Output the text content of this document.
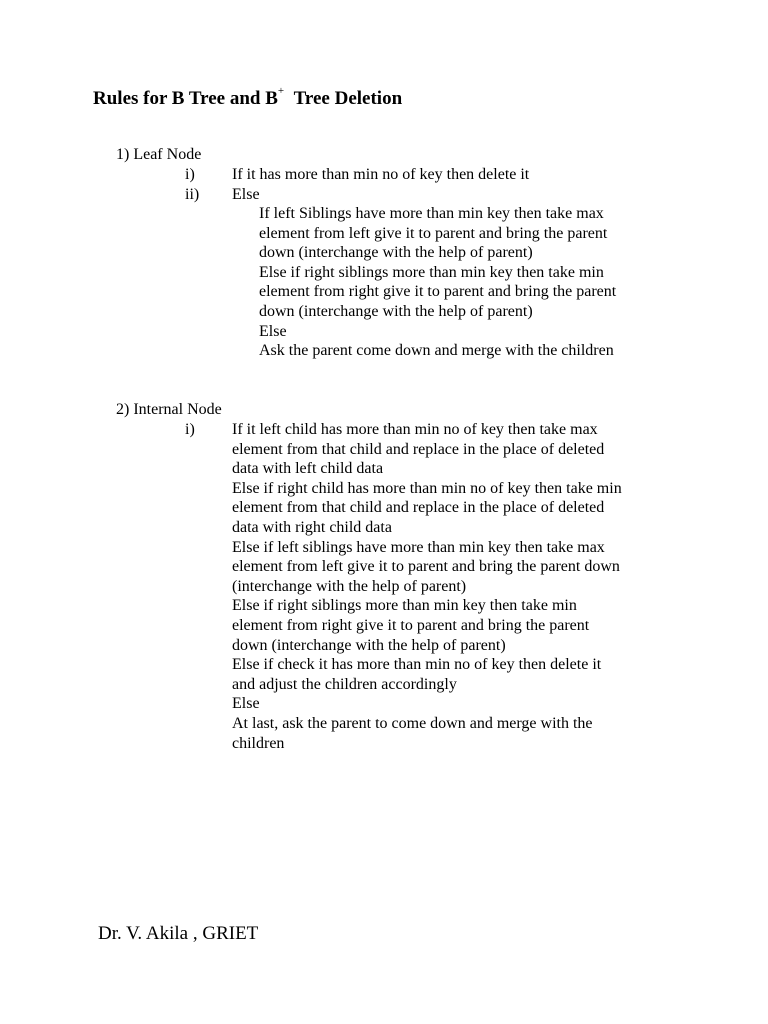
Rules for B Tree and B+ Tree Deletion
1) Leaf Node
i) If it has more than min no of key then delete it
ii) Else
If left Siblings have more than min key then take max
element from left give it to parent and bring the parent
down (interchange with the help of parent)
Else if right siblings more than min key then take min
element from right give it to parent and bring the parent
down (interchange with the help of parent)
Else
Ask the parent come down and merge with the children
2) Internal Node
i) If it left child has more than min no of key then take max
element from that child and replace in the place of deleted
data with left child data
Else if right child has more than min no of key then take min
element from that child and replace in the place of deleted
data with right child data
Else if left siblings have more than min key then take max
element from left give it to parent and bring the parent down
(interchange with the help of parent)
Else if right siblings more than min key then take min
element from right give it to parent and bring the parent
down (interchange with the help of parent)
Else if check it has more than min no of key then delete it
and adjust the children accordingly
Else
At last, ask the parent to come down and merge with the
children
Dr. V. Akila , GRIET
